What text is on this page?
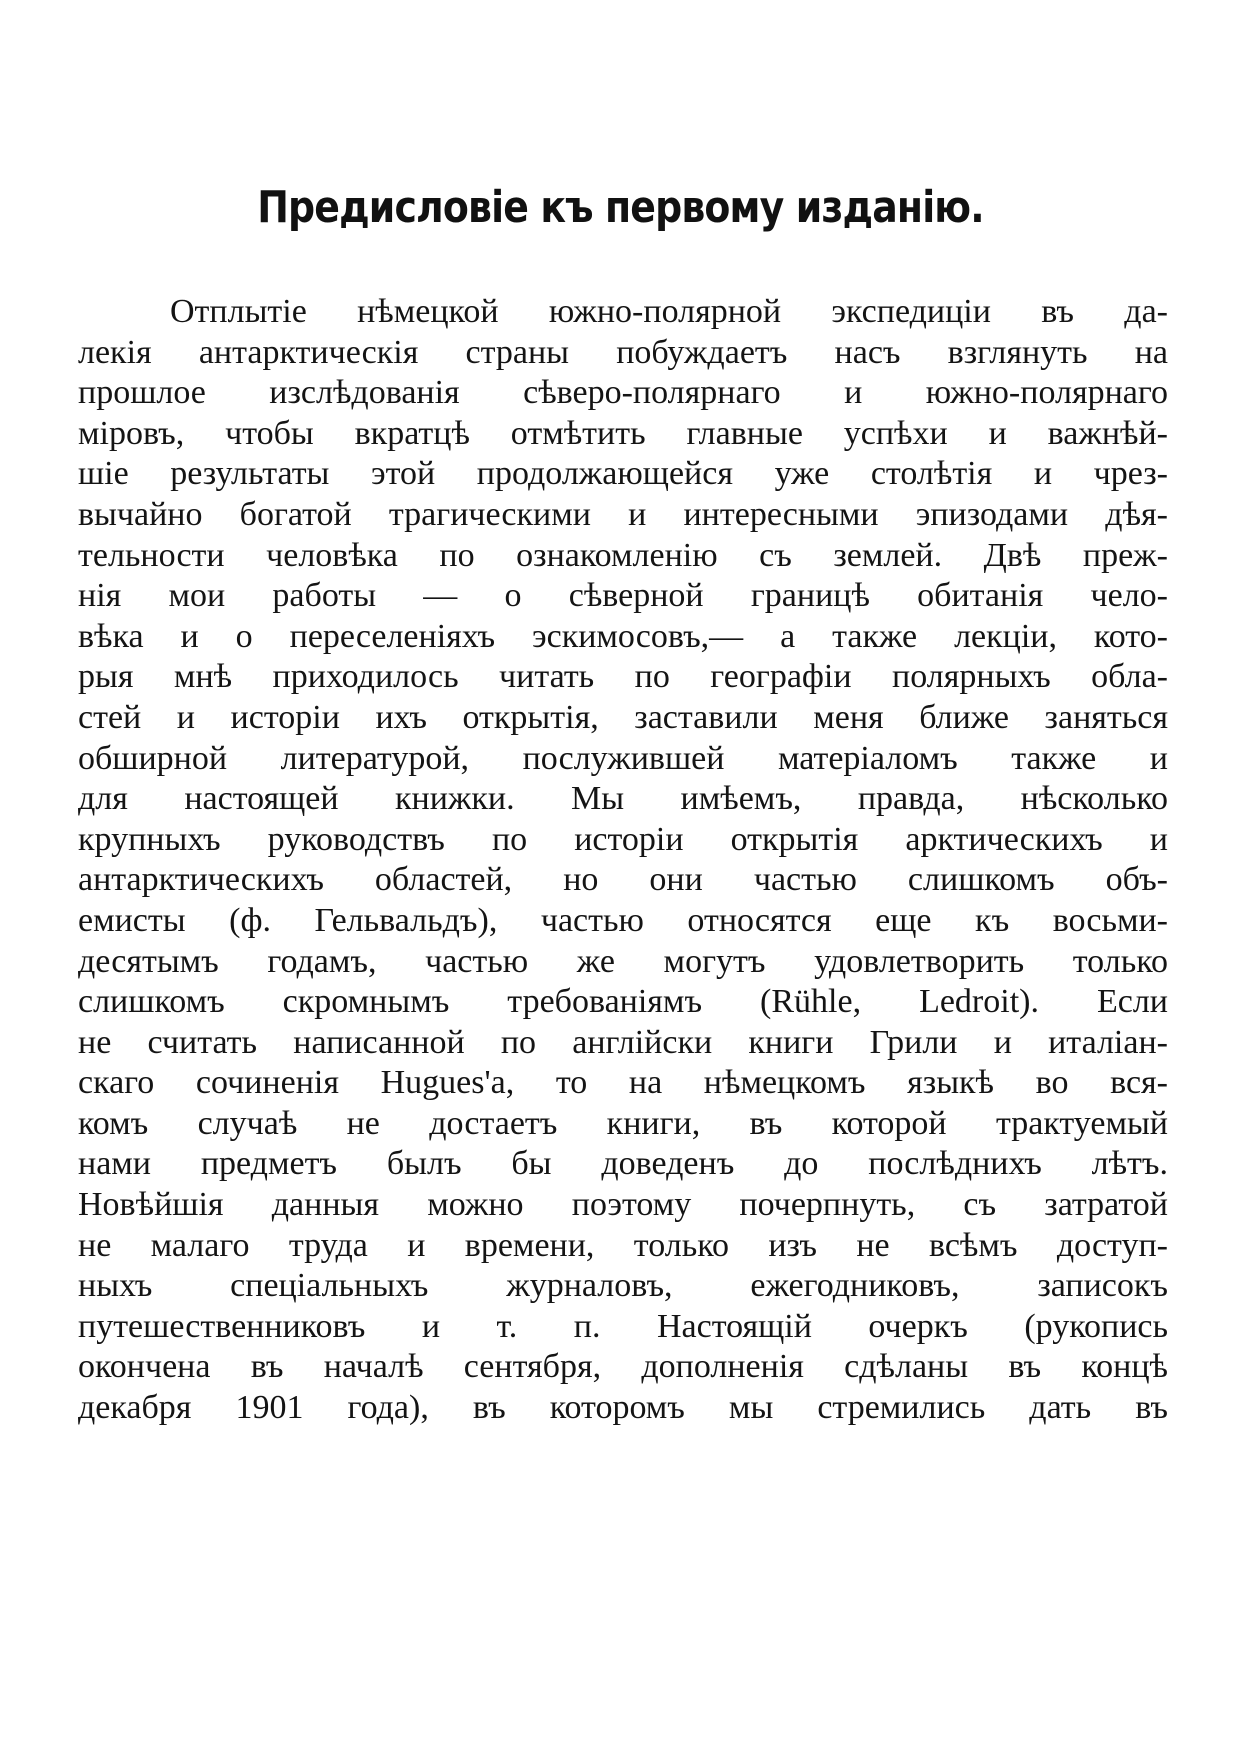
Предисловіе къ первому изданію.
Отплытіе нѣмецкой южно-полярной экспедиціи въ да-
лекія антарктическія страны побуждаетъ насъ взглянуть на
прошлое изслѣдованія сѣверо-полярнаго и южно-полярнаго
міровъ, чтобы вкратцѣ отмѣтить главные успѣхи и важнѣй-
шіе результаты этой продолжающейся уже столѣтія и чрез-
вычайно богатой трагическими и интересными эпизодами дѣя-
тельности человѣка по ознакомленію съ землей. Двѣ преж-
нія мои работы — о сѣверной границѣ обитанія чело-
вѣка и о переселеніяхъ эскимосовъ,— а также лекціи, кото-
рыя мнѣ приходилось читать по географіи полярныхъ обла-
стей и исторіи ихъ открытія, заставили меня ближе заняться
обширной литературой, послужившей матеріаломъ также и
для настоящей книжки. Мы имѣемъ, правда, нѣсколько
крупныхъ руководствъ по исторіи открытія арктическихъ и
антарктическихъ областей, но они частью слишкомъ объ-
емисты (ф. Гельвальдъ), частью относятся еще къ восьми-
десятымъ годамъ, частью же могутъ удовлетворить только
слишкомъ скромнымъ требованіямъ (Rühle, Ledroit). Если
не считать написанной по англійски книги Грили и италіан-
скаго сочиненія Hugues'а, то на нѣмецкомъ языкѣ во вся-
комъ случаѣ не достаетъ книги, въ которой трактуемый
нами предметъ былъ бы доведенъ до послѣднихъ лѣтъ.
Новѣйшія данныя можно поэтому почерпнуть, съ затратой
не малаго труда и времени, только изъ не всѣмъ доступ-
ныхъ спеціальныхъ журналовъ, ежегодниковъ, записокъ
путешественниковъ и т. п. Настоящій очеркъ (рукопись
окончена въ началѣ сентября, дополненія сдѣланы въ концѣ
декабря 1901 года), въ которомъ мы стремились дать въ
